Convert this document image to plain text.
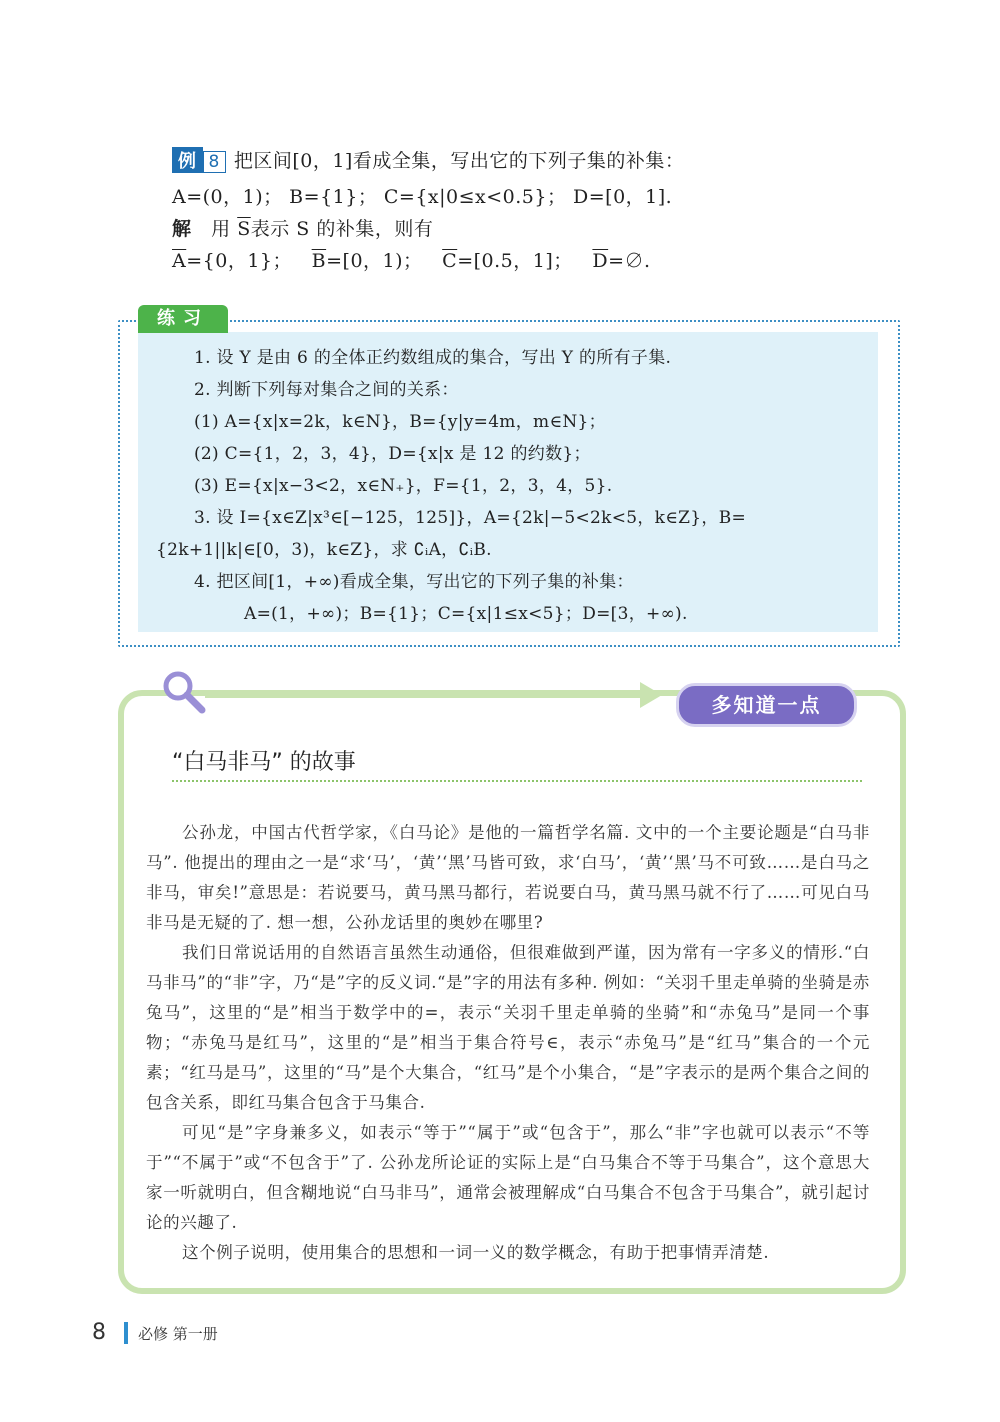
例 8 把区间[0，1]看成全集，写出它的下列子集的补集：
A=(0，1)； B={1}； C={x|0≤x<0.5}； D=[0，1].
解 用 $\overline{S}$表示 S 的补集，则有
$\overline{A}=\{0$，1}； $\overline{B}=[0$，1)； $\overline{C}=[0.5$，1]； $\overline{D}=\emptyset$.
练习
1. 设 Y 是由 6 的全体正约数组成的集合，写出 Y 的所有子集.
2. 判断下列每对集合之间的关系：
(1) A={x|x=2k，k∈N}，B={y|y=4m，m∈N}；
(2) C={1，2，3，4}，D={x|x 是 12 的约数}；
(3) E={x|x−3<2，x∈N₊}，F={1，2，3，4，5}.
3. 设 I={x∈Z|x³∈[−125，125]}，A={2k|−5<2k<5，k∈Z}，B=
{2k+1||k|∈[0，3)，k∈Z}，求 ∁ᵢA，∁ᵢB.
4. 把区间[1，+∞)看成全集，写出它的下列子集的补集：
A=(1，+∞)；B={1}；C={x|1≤x<5}；D=[3，+∞).
多知道一点
“白马非马” 的故事
公孙龙，中国古代哲学家，《白马论》是他的一篇哲学名篇. 文中的一个主要论题是“白马非马”. 他提出的理由之一是“求‘马’，‘黄’‘黑’马皆可致，求‘白马’，‘黄’‘黑’马不可致……是白马之非马，审矣!”意思是：若说要马，黄马黑马都行，若说要白马，黄马黑马就不行了……可见白马非马是无疑的了. 想一想，公孙龙话里的奥妙在哪里?
我们日常说话用的自然语言虽然生动通俗，但很难做到严谨，因为常有一字多义的情形.“白马非马”的“非”字，乃“是”字的反义词.“是”字的用法有多种. 例如：“关羽千里走单骑的坐骑是赤兔马”，这里的“是”相当于数学中的=，表示“关羽千里走单骑的坐骑”和“赤兔马”是同一个事物；“赤兔马是红马”，这里的“是”相当于集合符号∈，表示“赤兔马”是“红马”集合的一个元素；“红马是马”，这里的“马”是个大集合，“红马”是个小集合，“是”字表示的是两个集合之间的包含关系，即红马集合包含于马集合.
可见“是”字身兼多义，如表示“等于”“属于”或“包含于”，那么“非”字也就可以表示“不等于”“不属于”或“不包含于”了. 公孙龙所论证的实际上是“白马集合不等于马集合”，这个意思大家一听就明白，但含糊地说“白马非马”，通常会被理解成“白马集合不包含于马集合”，就引起讨论的兴趣了.
这个例子说明，使用集合的思想和一词一义的数学概念，有助于把事情弄清楚.
8 必修 第一册
